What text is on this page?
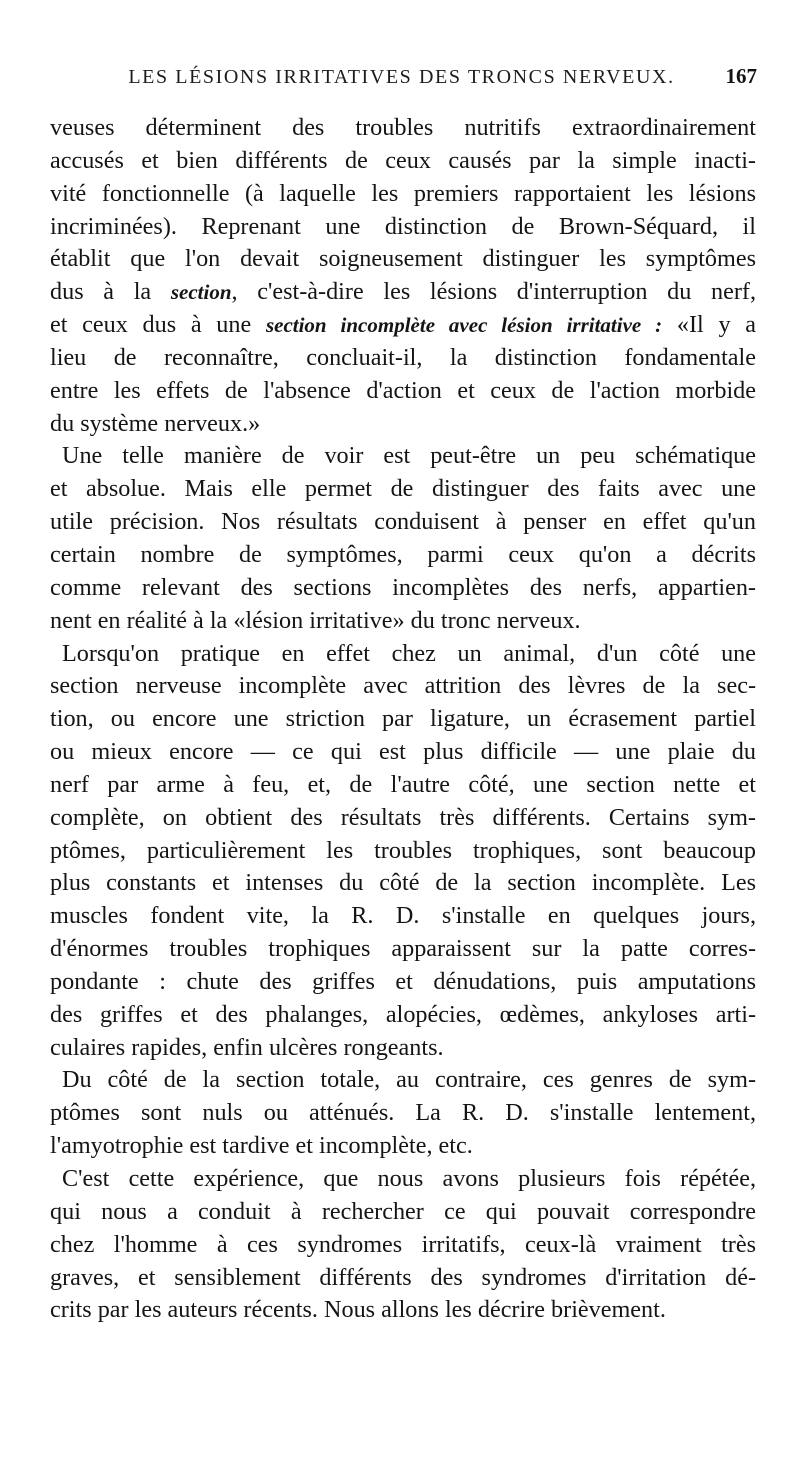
LES LÉSIONS IRRITATIVES DES TRONCS NERVEUX.	167
veuses déterminent des troubles nutritifs extraordinairement
accusés et bien différents de ceux causés par la simple inacti-
vité fonctionnelle (à laquelle les premiers rapportaient les lésions
incriminées). Reprenant une distinction de Brown-Séquard, il
établit que l'on devait soigneusement distinguer les symptômes
dus à la section, c'est-à-dire les lésions d'interruption du nerf,
et ceux dus à une section incomplète avec lésion irritative : «Il y a
lieu de reconnaître, concluait-il, la distinction fondamentale
entre les effets de l'absence d'action et ceux de l'action morbide
du système nerveux.»
Une telle manière de voir est peut-être un peu schématique
et absolue. Mais elle permet de distinguer des faits avec une
utile précision. Nos résultats conduisent à penser en effet qu'un
certain nombre de symptômes, parmi ceux qu'on a décrits
comme relevant des sections incomplètes des nerfs, appartien-
nent en réalité à la «lésion irritative» du tronc nerveux.
Lorsqu'on pratique en effet chez un animal, d'un côté une
section nerveuse incomplète avec attrition des lèvres de la sec-
tion, ou encore une striction par ligature, un écrasement partiel
ou mieux encore — ce qui est plus difficile — une plaie du
nerf par arme à feu, et, de l'autre côté, une section nette et
complète, on obtient des résultats très différents. Certains sym-
ptômes, particulièrement les troubles trophiques, sont beaucoup
plus constants et intenses du côté de la section incomplète. Les
muscles fondent vite, la R. D. s'installe en quelques jours,
d'énormes troubles trophiques apparaissent sur la patte corres-
pondante : chute des griffes et dénudations, puis amputations
des griffes et des phalanges, alopécies, œdèmes, ankyloses arti-
culaires rapides, enfin ulcères rongeants.
Du côté de la section totale, au contraire, ces genres de sym-
ptômes sont nuls ou atténués. La R. D. s'installe lentement,
l'amyotrophie est tardive et incomplète, etc.
C'est cette expérience, que nous avons plusieurs fois répétée,
qui nous a conduit à rechercher ce qui pouvait correspondre
chez l'homme à ces syndromes irritatifs, ceux-là vraiment très
graves, et sensiblement différents des syndromes d'irritation dé-
crits par les auteurs récents. Nous allons les décrire brièvement.
